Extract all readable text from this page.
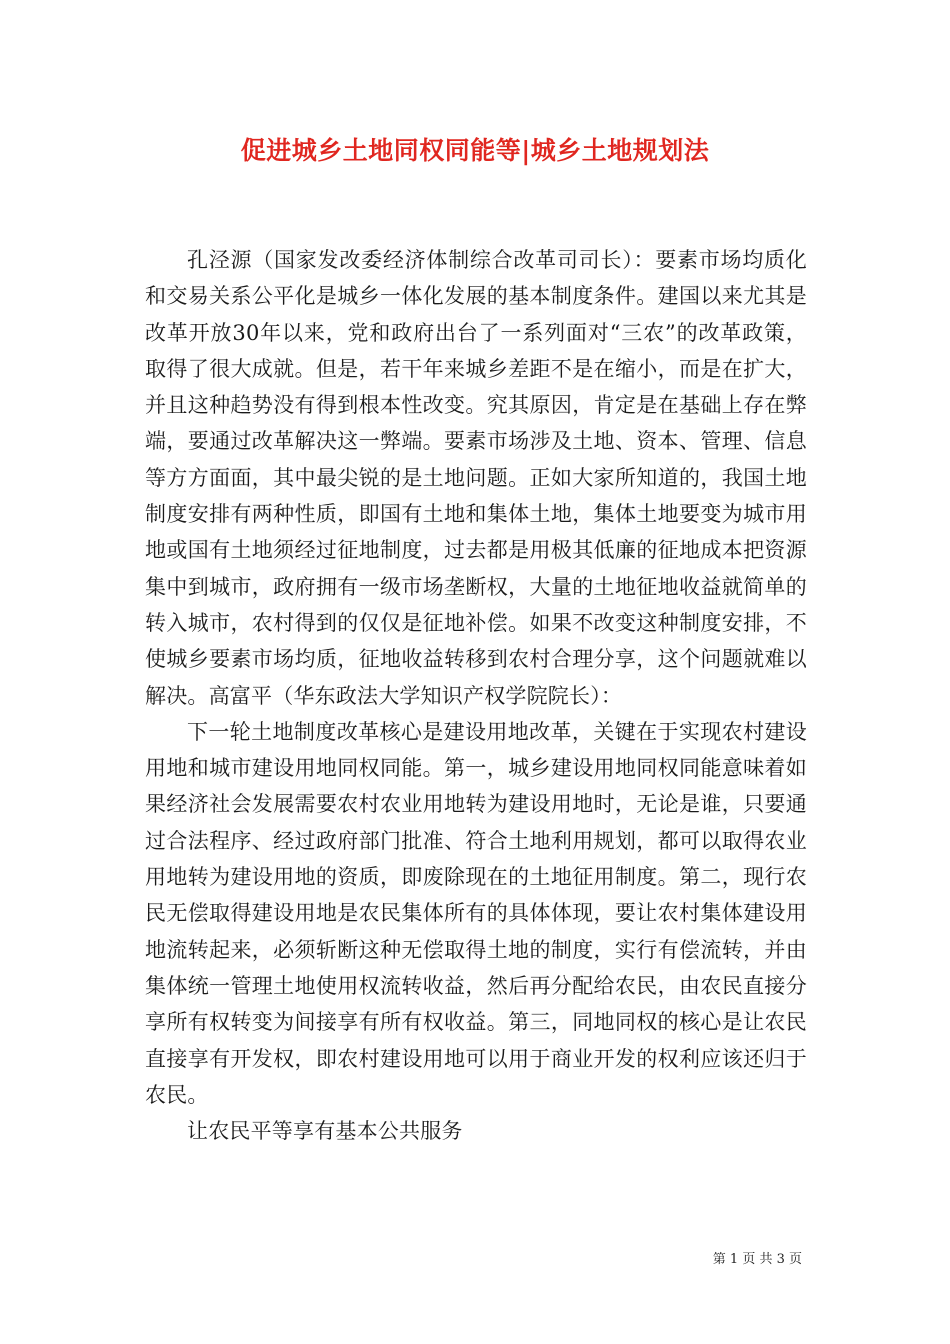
促进城乡土地同权同能等|城乡土地规划法

孔泾源（国家发改委经济体制综合改革司司长）：要素市场均质化和交易关系公平化是城乡一体化发展的基本制度条件。建国以来尤其是改革开放30年以来，党和政府出台了一系列面对“三农”的改革政策，取得了很大成就。但是，若干年来城乡差距不是在缩小，而是在扩大，并且这种趋势没有得到根本性改变。究其原因，肯定是在基础上存在弊端，要通过改革解决这一弊端。要素市场涉及土地、资本、管理、信息等方方面面，其中最尖锐的是土地问题。正如大家所知道的，我国土地制度安排有两种性质，即国有土地和集体土地，集体土地要变为城市用地或国有土地须经过征地制度，过去都是用极其低廉的征地成本把资源集中到城市，政府拥有一级市场垄断权，大量的土地征地收益就简单的转入城市，农村得到的仅仅是征地补偿。如果不改变这种制度安排，不使城乡要素市场均质，征地收益转移到农村合理分享，这个问题就难以解决。高富平（华东政法大学知识产权学院院长）：

下一轮土地制度改革核心是建设用地改革，关键在于实现农村建设用地和城市建设用地同权同能。第一，城乡建设用地同权同能意味着如果经济社会发展需要农村农业用地转为建设用地时，无论是谁，只要通过合法程序、经过政府部门批准、符合土地利用规划，都可以取得农业用地转为建设用地的资质，即废除现在的土地征用制度。第二，现行农民无偿取得建设用地是农民集体所有的具体体现，要让农村集体建设用地流转起来，必须斩断这种无偿取得土地的制度，实行有偿流转，并由集体统一管理土地使用权流转收益，然后再分配给农民，由农民直接分享所有权转变为间接享有所有权收益。第三，同地同权的核心是让农民直接享有开发权，即农村建设用地可以用于商业开发的权利应该还归于农民。

让农民平等享有基本公共服务

第 1 页 共 3 页
